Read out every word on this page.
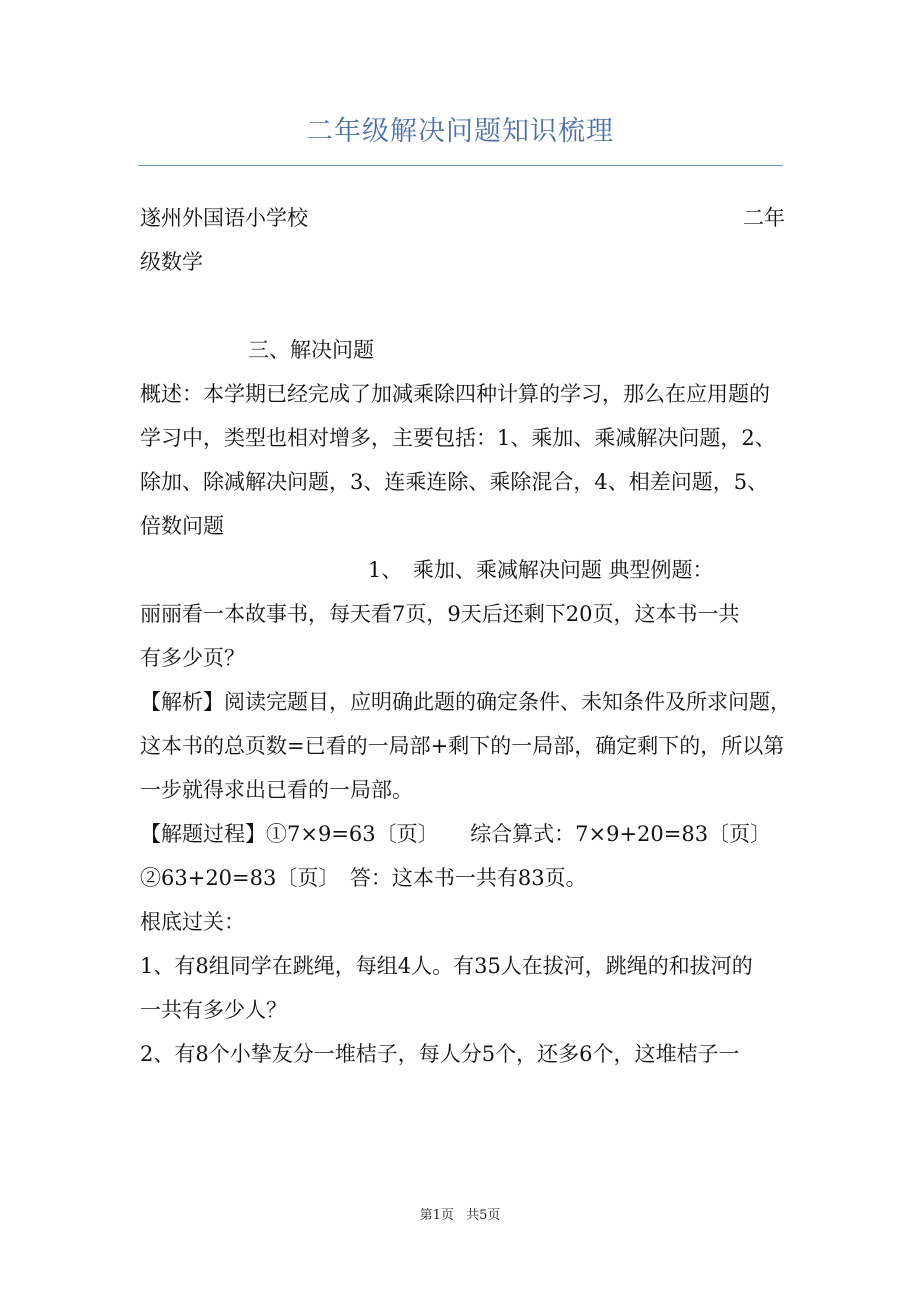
二年级解决问题知识梳理
遂州外国语小学校	二年
级数学
三、解决问题
概述：本学期已经完成了加减乘除四种计算的学习，那么在应用题的
学习中，类型也相对增多，主要包括：1、乘加、乘减解决问题，2、
除加、除减解决问题，3、连乘连除、乘除混合，4、相差问题，5、
倍数问题
1、　乘加、乘减解决问题 典型例题：
丽丽看一本故事书，每天看7页，9天后还剩下20页，这本书一共
有多少页？
【解析】阅读完题目，应明确此题的确定条件、未知条件及所求问题，
这本书的总页数=已看的一局部+剩下的一局部，确定剩下的，所以第
一步就得求出已看的一局部。
【解题过程】①7×9=63〔页〕　　综合算式：7×9+20=83〔页〕
②63+20=83〔页〕　答：这本书一共有83页。
根底过关：
1、有8组同学在跳绳，每组4人。有35人在拔河，跳绳的和拔河的
一共有多少人？
2、有8个小挚友分一堆桔子，每人分5个，还多6个，这堆桔子一
第1页 共5页
